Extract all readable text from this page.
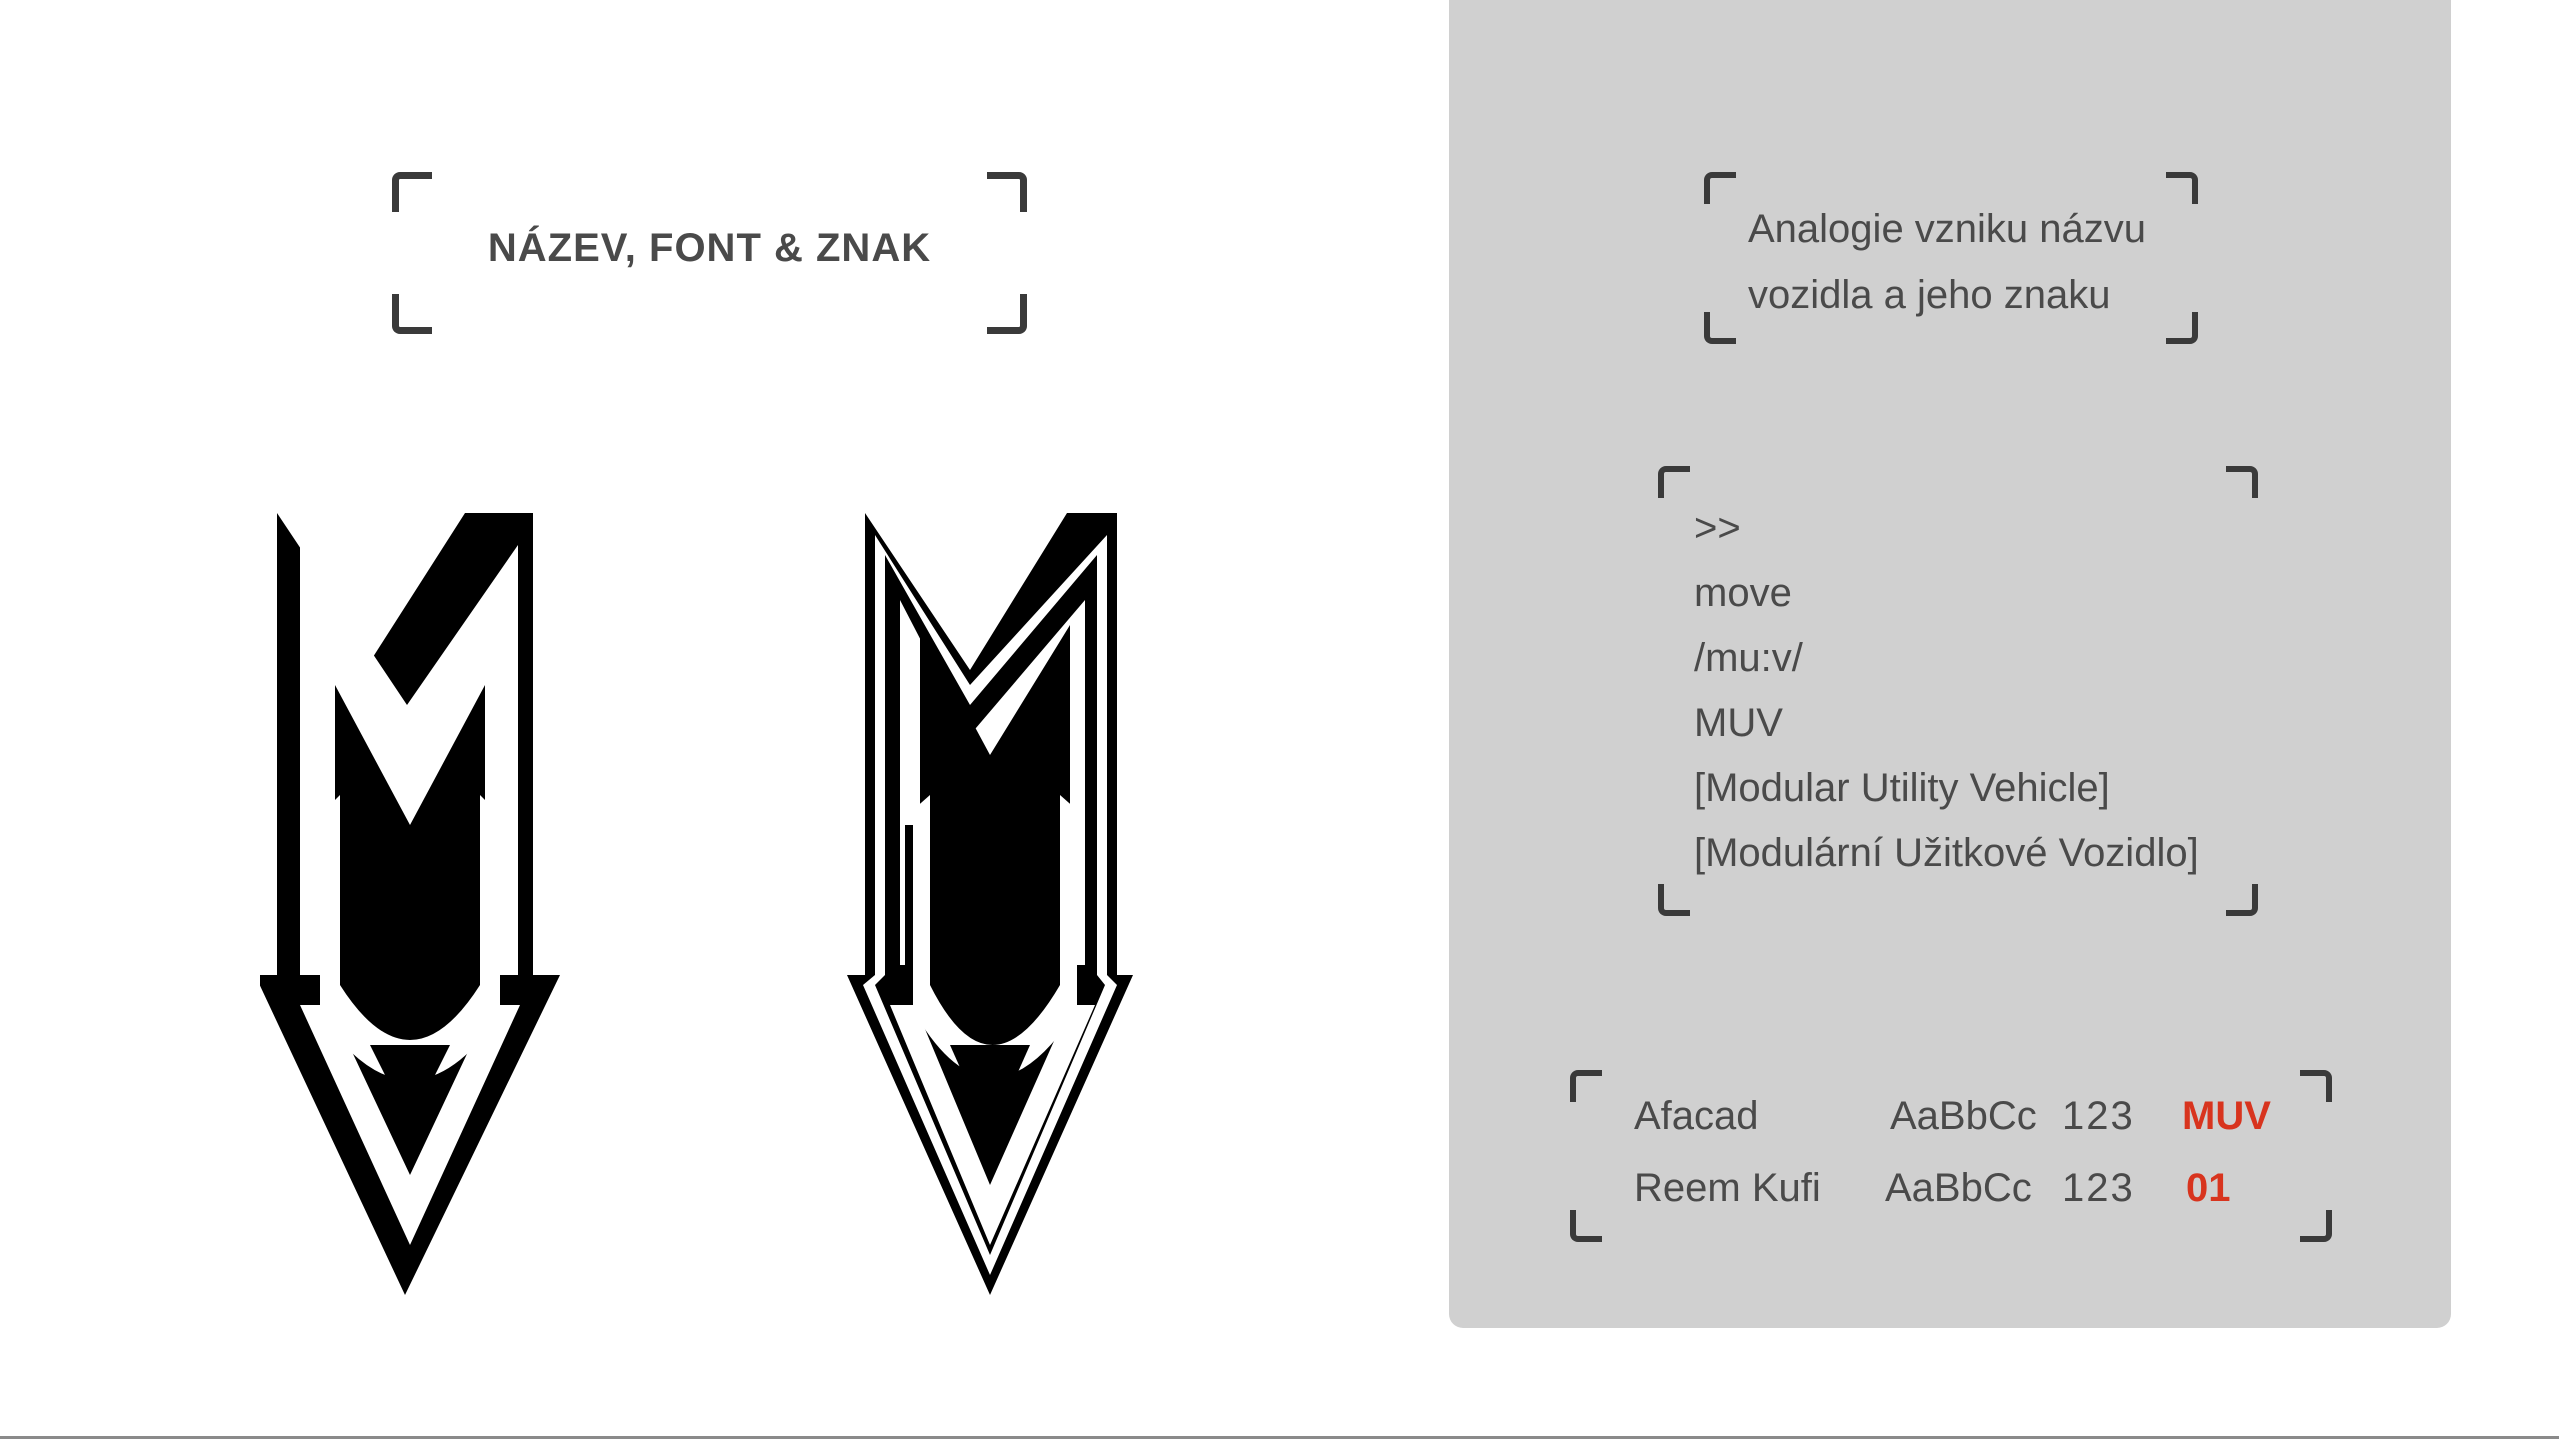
NÁZEV, FONT & ZNAK	Analogie vzniku názvu
vozidla a jeho znaku
>>
move
/mu:v/
MUV
[Modular Utility Vehicle]
[Modulární Užitkové Vozidlo]
Afacad	AaBbCc 123 MUV
Reem Kufi AaBbCc 123 01
